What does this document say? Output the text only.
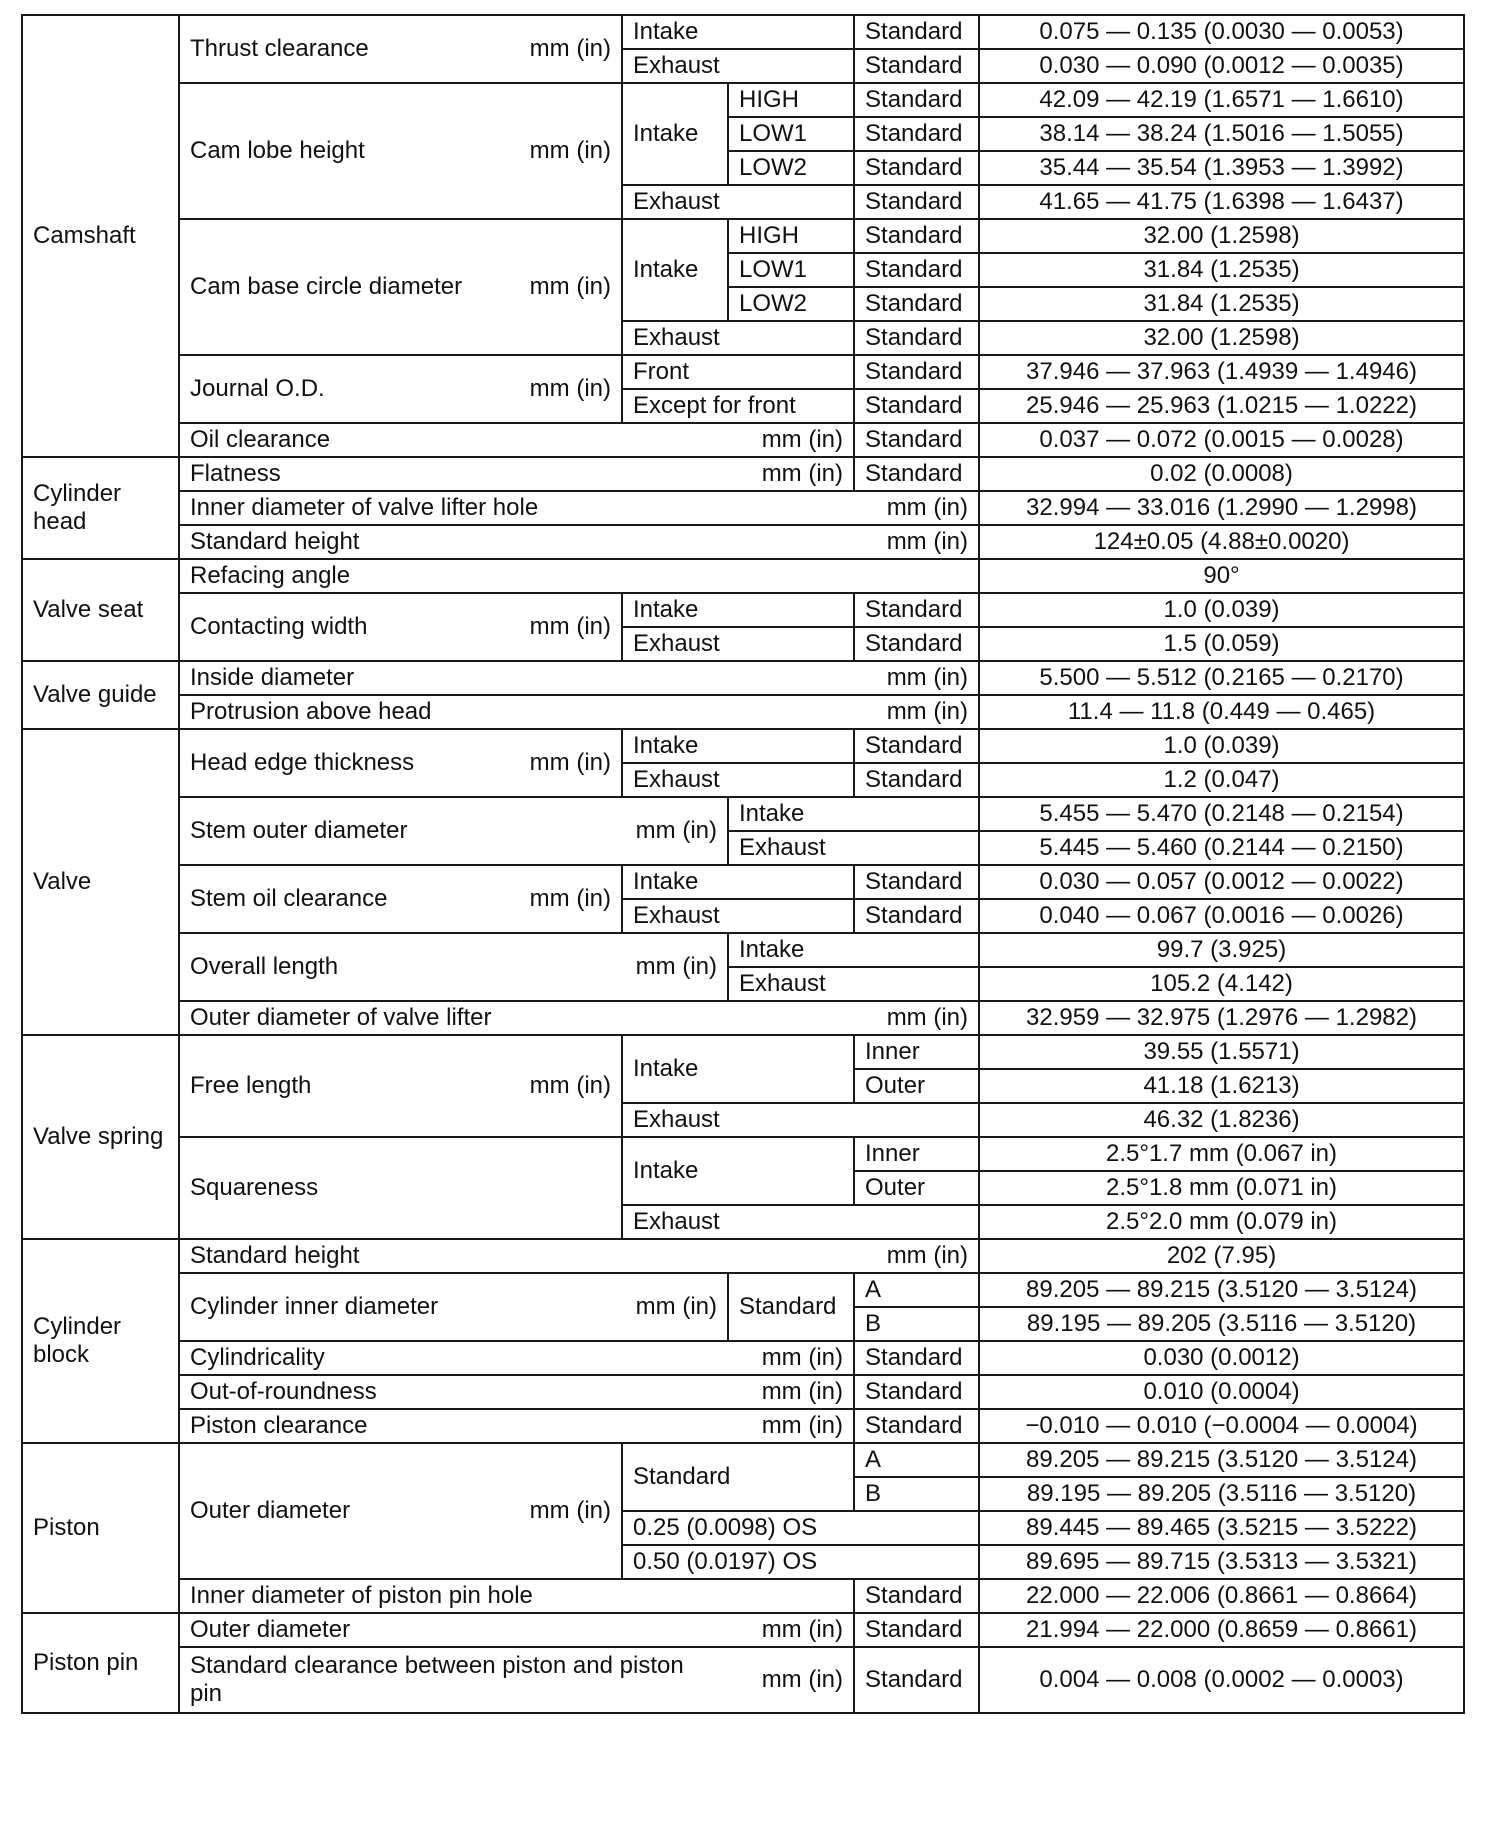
Camshaft	Thrust clearance mm (in)	Intake		Standard	0.075 — 0.135 (0.0030 — 0.0053)
		Exhaust		Standard	0.030 — 0.090 (0.0012 — 0.0035)

	Cam lobe height mm (in)	Intake	HIGH	Standard	42.09 — 42.19 (1.6571 — 1.6610)
			LOW1	Standard	38.14 — 38.24 (1.5016 — 1.5055)
			LOW2	Standard	35.44 — 35.54 (1.3953 — 1.3992)
		Exhaust		Standard	41.65 — 41.75 (1.6398 — 1.6437)

	Cam base circle diameter mm (in)	Intake	HIGH	Standard	32.00 (1.2598)
			LOW1	Standard	31.84 (1.2535)
			LOW2	Standard	31.84 (1.2535)
		Exhaust		Standard	32.00 (1.2598)

	Journal O.D. mm (in)	Front		Standard	37.946 — 37.963 (1.4939 — 1.4946)
		Except for front		Standard	25.946 — 25.963 (1.0215 — 1.0222)

	Oil clearance mm (in)			Standard	0.037 — 0.072 (0.0015 — 0.0028)
Cylinder head	Flatness mm (in)			Standard	0.02 (0.0008)

	Inner diameter of valve lifter hole mm (in)				32.994 — 33.016 (1.2990 — 1.2998)

	Standard height mm (in)				124±0.05 (4.88±0.0020)
Valve seat	Refacing angle				90°

	Contacting width mm (in)	Intake		Standard	1.0 (0.039)
		Exhaust		Standard	1.5 (0.059)
Valve guide	Inside diameter mm (in)				5.500 — 5.512 (0.2165 — 0.2170)

	Protrusion above head mm (in)				11.4 — 11.8 (0.449 — 0.465)
Valve	Head edge thickness mm (in)	Intake		Standard	1.0 (0.039)
		Exhaust		Standard	1.2 (0.047)

	Stem outer diameter mm (in)		Intake		5.455 — 5.470 (0.2148 — 0.2154)
			Exhaust		5.445 — 5.460 (0.2144 — 0.2150)

	Stem oil clearance mm (in)	Intake		Standard	0.030 — 0.057 (0.0012 — 0.0022)
		Exhaust		Standard	0.040 — 0.067 (0.0016 — 0.0026)

	Overall length mm (in)		Intake		99.7 (3.925)
			Exhaust		105.2 (4.142)

	Outer diameter of valve lifter mm (in)				32.959 — 32.975 (1.2976 — 1.2982)
Valve spring	Free length mm (in)	Intake		Inner	39.55 (1.5571)
				Outer	41.18 (1.6213)
		Exhaust			46.32 (1.8236)
	Squareness	Intake		Inner	2.5°1.7 mm (0.067 in)
				Outer	2.5°1.8 mm (0.071 in)
		Exhaust			2.5°2.0 mm (0.079 in)
Cylinder block	Standard height mm (in)				202 (7.95)

	Cylinder inner diameter mm (in)		Standard	A	89.205 — 89.215 (3.5120 — 3.5124)
				B	89.195 — 89.205 (3.5116 — 3.5120)

	Cylindricality mm (in)			Standard	0.030 (0.0012)

	Out-of-roundness mm (in)			Standard	0.010 (0.0004)

	Piston clearance mm (in)			Standard	−0.010 — 0.010 (−0.0004 — 0.0004)
Piston	Outer diameter mm (in)	Standard		A	89.205 — 89.215 (3.5120 — 3.5124)
				B	89.195 — 89.205 (3.5116 — 3.5120)
		0.25 (0.0098) OS			89.445 — 89.465 (3.5215 — 3.5222)
		0.50 (0.0197) OS			89.695 — 89.715 (3.5313 — 3.5321)
	Inner diameter of piston pin hole			Standard	22.000 — 22.006 (0.8661 — 0.8664)
Piston pin	Outer diameter mm (in)			Standard	21.994 — 22.000 (0.8659 — 0.8661)

	Standard clearance between piston and piston pin
mm (in)			Standard	0.004 — 0.008 (0.0002 — 0.0003)
